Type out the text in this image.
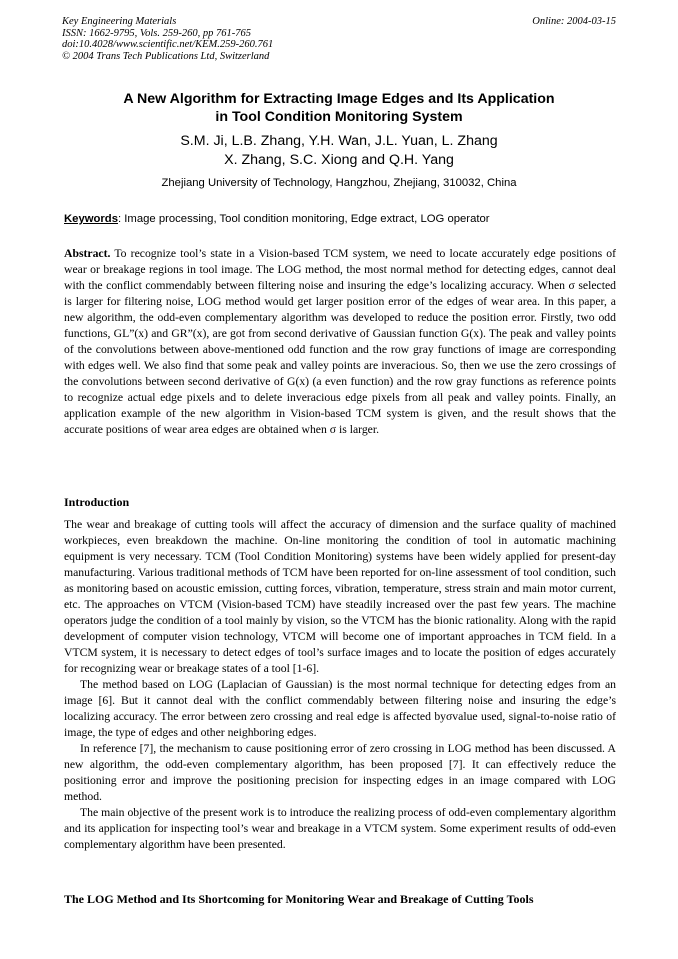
Key Engineering Materials
ISSN: 1662-9795, Vols. 259-260, pp 761-765
doi:10.4028/www.scientific.net/KEM.259-260.761
© 2004 Trans Tech Publications Ltd, Switzerland
Online: 2004-03-15
A New Algorithm for Extracting Image Edges and Its Application
in Tool Condition Monitoring System
S.M. Ji, L.B. Zhang, Y.H. Wan, J.L. Yuan, L. Zhang
X. Zhang, S.C. Xiong and Q.H. Yang
Zhejiang University of Technology, Hangzhou, Zhejiang, 310032, China
Keywords: Image processing, Tool condition monitoring, Edge extract, LOG operator
Abstract. To recognize tool’s state in a Vision-based TCM system, we need to locate accurately edge positions of wear or breakage regions in tool image. The LOG method, the most normal method for detecting edges, cannot deal with the conflict commendably between filtering noise and insuring the edge’s localizing accuracy. When σ selected is larger for filtering noise, LOG method would get larger position error of the edges of wear area. In this paper, a new algorithm, the odd-even complementary algorithm was developed to reduce the position error. Firstly, two odd functions, GL”(x) and GR”(x), are got from second derivative of Gaussian function G(x). The peak and valley points of the convolutions between above-mentioned odd function and the row gray functions of image are corresponding with edges well. We also find that some peak and valley points are inveracious. So, then we use the zero crossings of the convolutions between second derivative of G(x) (a even function) and the row gray functions as reference points to recognize actual edge pixels and to delete inveracious edge pixels from all peak and valley points. Finally, an application example of the new algorithm in Vision-based TCM system is given, and the result shows that the accurate positions of wear area edges are obtained when σ is larger.
Introduction

The wear and breakage of cutting tools will affect the accuracy of dimension and the surface quality of machined workpieces, even breakdown the machine. On-line monitoring the condition of tool in automatic machining equipment is very necessary. TCM (Tool Condition Monitoring) systems have been widely applied for present-day manufacturing. Various traditional methods of TCM have been reported for on-line assessment of tool condition, such as monitoring based on acoustic emission, cutting forces, vibration, temperature, stress strain and main motor current, etc. The approaches on VTCM (Vision-based TCM) have steadily increased over the past few years. The machine operators judge the condition of a tool mainly by vision, so the VTCM has the bionic rationality. Along with the rapid development of computer vision technology, VTCM will become one of important approaches in TCM field. In a VTCM system, it is necessary to detect edges of tool’s surface images and to locate the position of edges accurately for recognizing wear or breakage states of a tool [1-6].

The method based on LOG (Laplacian of Gaussian) is the most normal technique for detecting edges from an image [6]. But it cannot deal with the conflict commendably between filtering noise and insuring the edge’s localizing accuracy. The error between zero crossing and real edge is affected byσvalue used, signal-to-noise ratio of image, the type of edges and other neighboring edges.

In reference [7], the mechanism to cause positioning error of zero crossing in LOG method has been discussed. A new algorithm, the odd-even complementary algorithm, has been proposed [7]. It can effectively reduce the positioning error and improve the positioning precision for inspecting edges in an image compared with LOG method.

The main objective of the present work is to introduce the realizing process of odd-even complementary algorithm and its application for inspecting tool’s wear and breakage in a VTCM system. Some experiment results of odd-even complementary algorithm have been presented.

The LOG Method and Its Shortcoming for Monitoring Wear and Breakage of Cutting Tools
